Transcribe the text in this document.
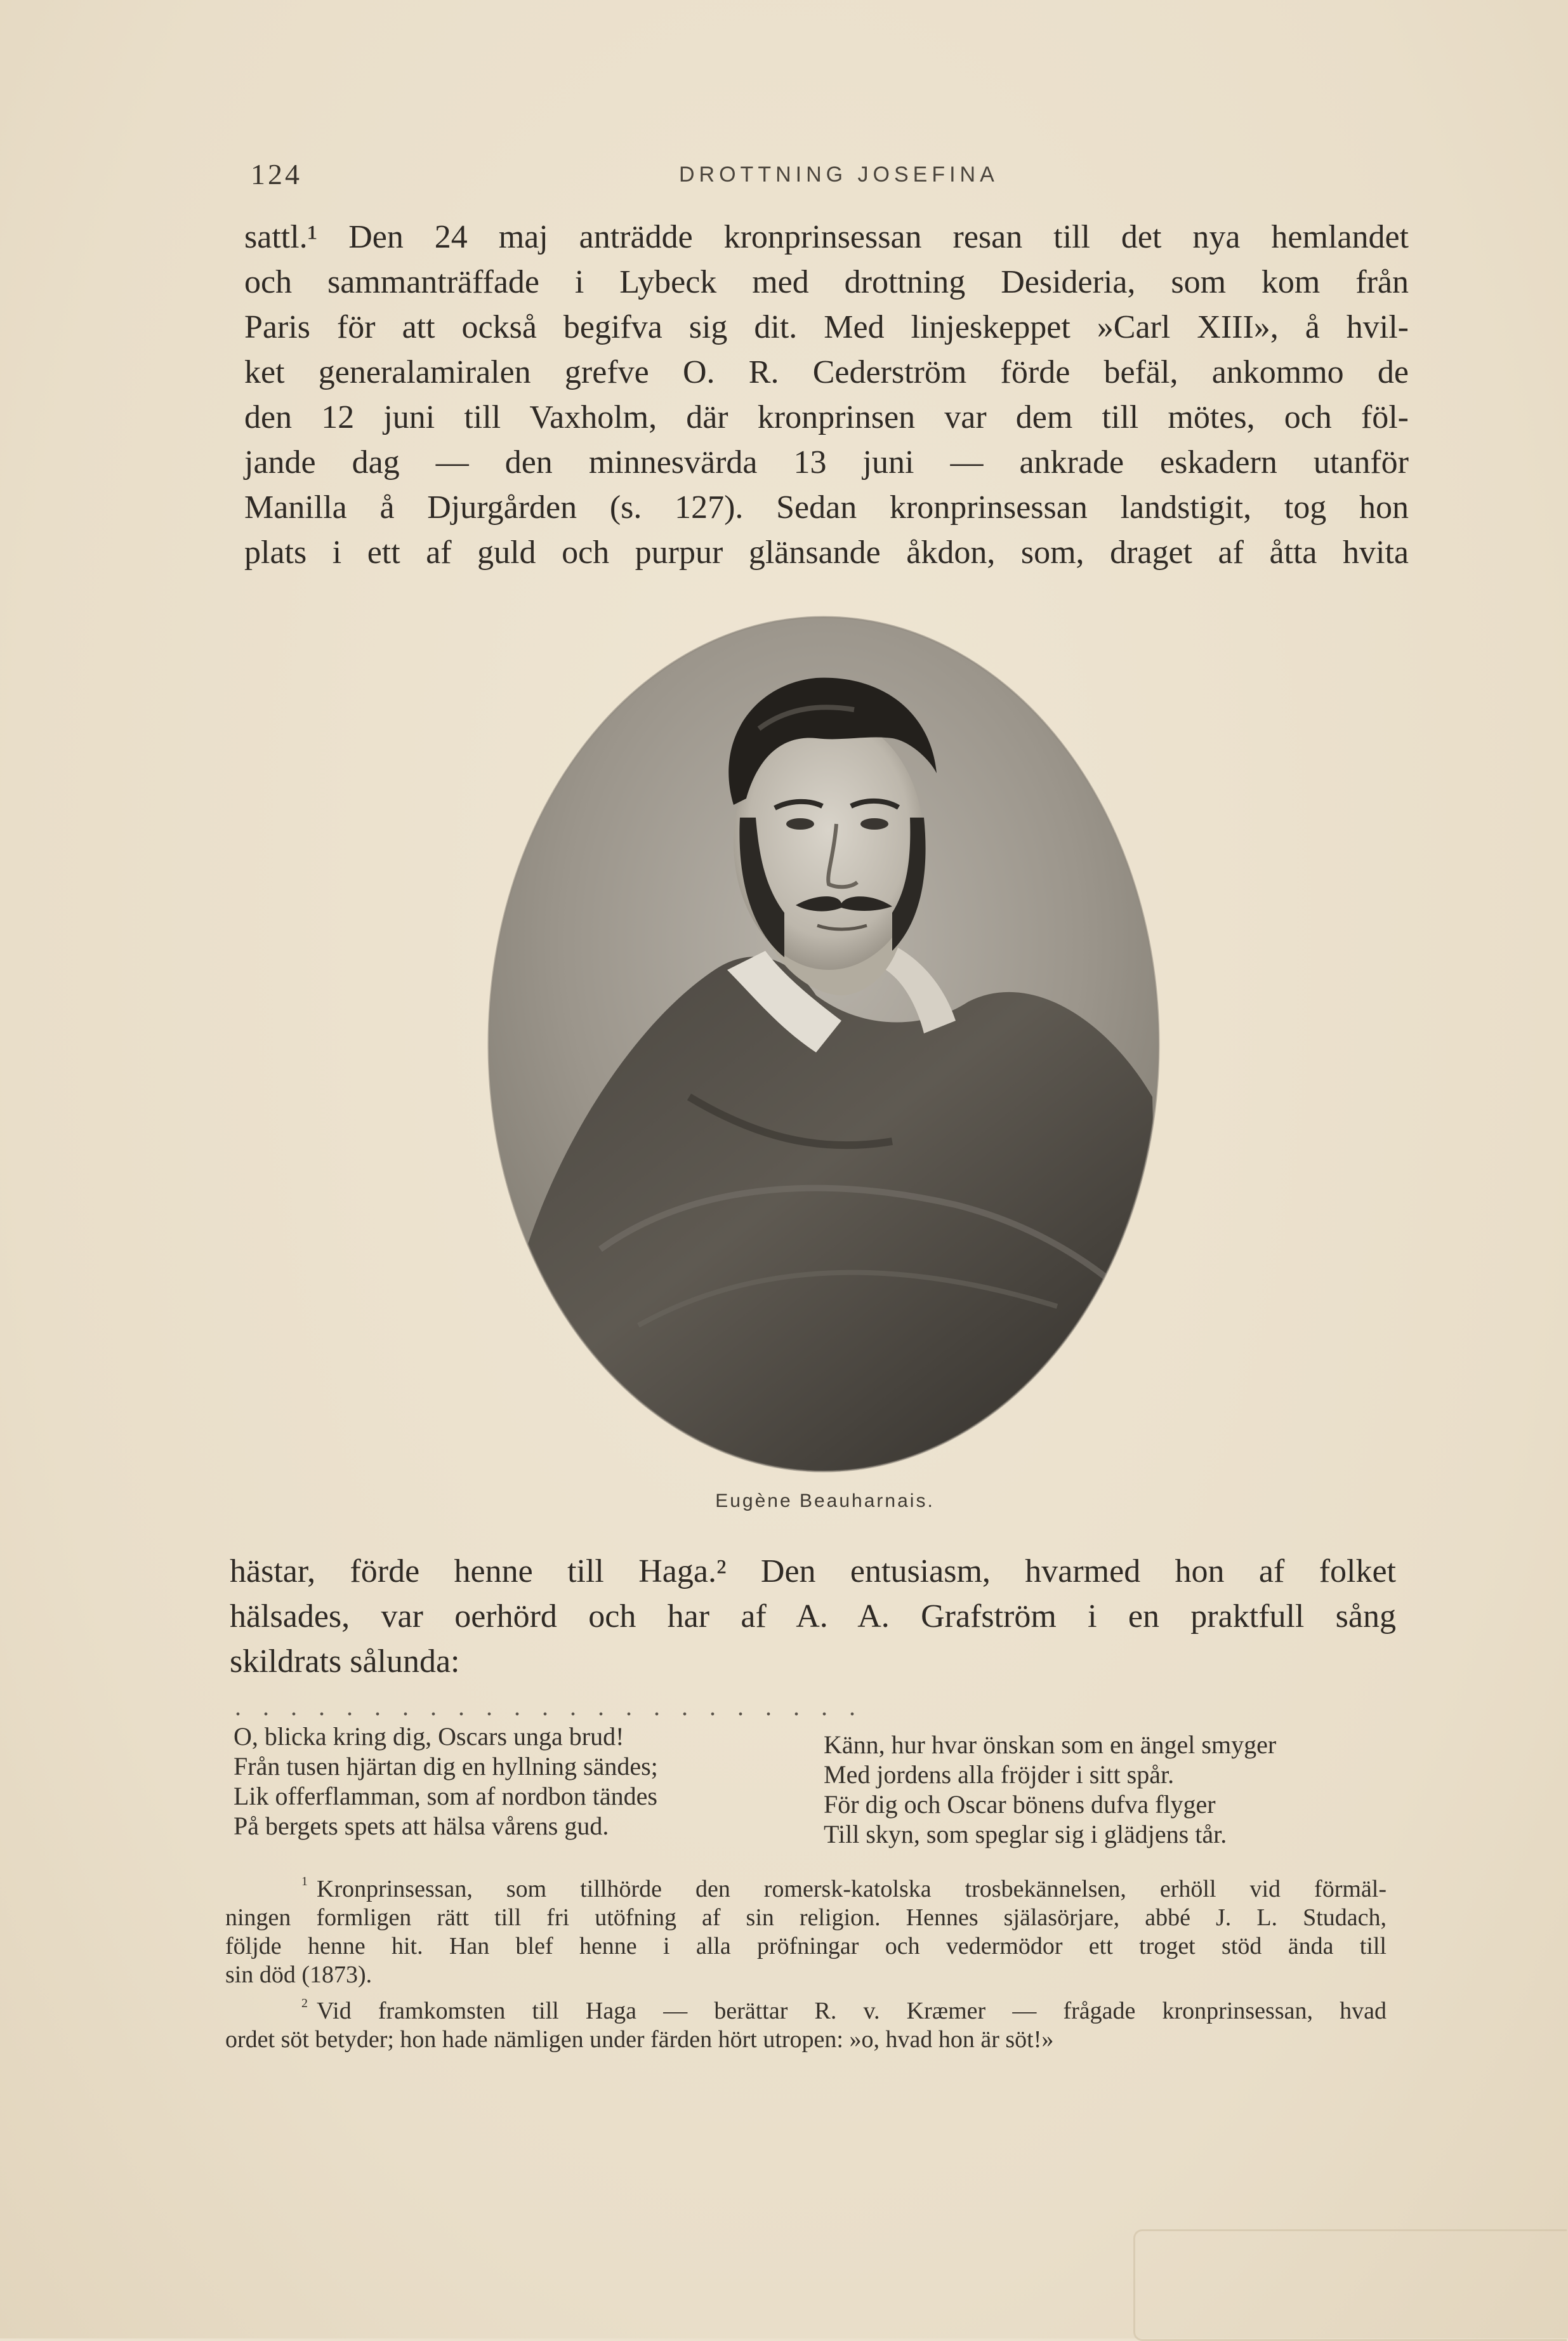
124	DROTTNING JOSEFINA
sattl.¹ Den 24 maj anträdde kronprinsessan resan till det nya hemlandet
och sammanträffade i Lybeck med drottning Desideria, som kom från
Paris för att också begifva sig dit. Med linjeskeppet »Carl XIII», å hvil-
ket generalamiralen grefve O. R. Cederström förde befäl, ankommo de
den 12 juni till Vaxholm, där kronprinsen var dem till mötes, och föl-
jande dag — den minnesvärda 13 juni — ankrade eskadern utanför
Manilla å Djurgården (s. 127). Sedan kronprinsessan landstigit, tog hon
plats i ett af guld och purpur glänsande åkdon, som, draget af åtta hvita
Eugène Beauharnais.
hästar, förde henne till Haga.² Den entusiasm, hvarmed hon af folket
hälsades, var oerhörd och har af A. A. Grafström i en praktfull sång
skildrats sålunda:
. . . . . . . . . . . . . . . . . . . . . . .
O, blicka kring dig, Oscars unga brud!
Från tusen hjärtan dig en hyllning sändes;
Lik offerflamman, som af nordbon tändes
På bergets spets att hälsa vårens gud.
Känn, hur hvar önskan som en ängel smyger
Med jordens alla fröjder i sitt spår.
För dig och Oscar bönens dufva flyger
Till skyn, som speglar sig i glädjens tår.
$^1$ Kronprinsessan, som tillhörde den romersk-katolska trosbekännelsen, erhöll vid förmäl-
ningen formligen rätt till fri utöfning af sin religion. Hennes själasörjare, abbé J. L. Studach,
följde henne hit. Han blef henne i alla pröfningar och vedermödor ett troget stöd ända till
sin död (1873).
$^2$ Vid framkomsten till Haga — berättar R. v. Kræmer — frågade kronprinsessan, hvad
ordet söt betyder; hon hade nämligen under färden hört utropen: »o, hvad hon är söt!»
